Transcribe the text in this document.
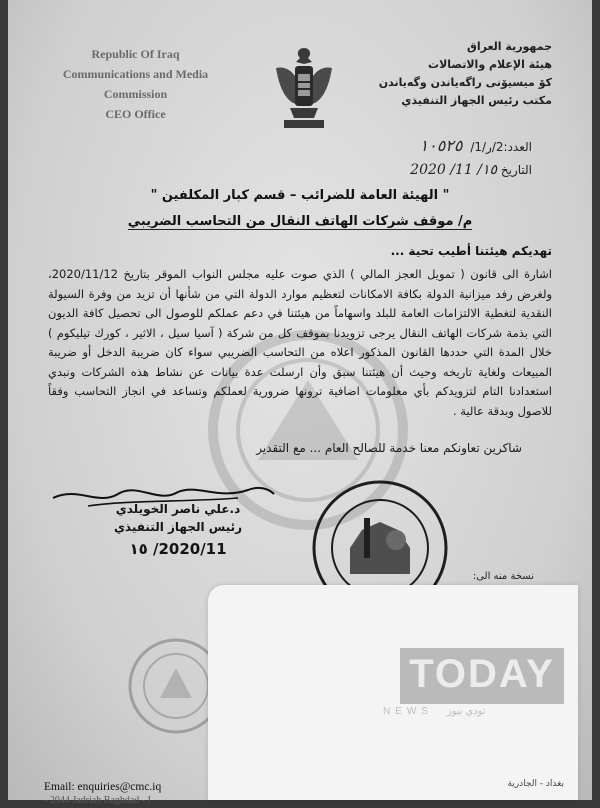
Republic Of Iraq
Communications and Media
Commission
CEO Office
جمهورية العراق
هيئة الإعلام والاتصالات
كۆ میسیۆنی راگەیاندن وگەیاندن
مكتب رئيس الجهاز التنفيذي
العدد:2/ر/1/ ١٠٥٢٥
التاريخ ١٥/ 11/ 2020
" الهيئة العامة للضرائب – قسم كبار المكلفين "
م/ موقف شركات الهاتف النقال من التحاسب الضريبي
تهديكم هيئتنا أطيب تحية ...
اشارة الى قانون ( تمويل العجز المالي ) الذي صوت عليه مجلس النواب الموقر بتاريخ 2020/11/12، ولغرض رفد ميزانية الدولة بكافة الامكانات لتعظيم موارد الدولة التي من شأنها أن تزيد من وفرة السيولة النقدية لتغطية الالتزامات العامة للبلد واسهاماً من هيئتنا في دعم عملكم للوصول الى تحصيل كافة الديون التي بذمة شركات الهاتف النقال يرجى تزويدنا بموقف كل من شركة ( آسيا سيل ، الاثير ، كورك تيليكوم ) خلال المدة التي حددها القانون المذكور اعلاه من التحاسب الضريبي سواء كان ضريبة الدخل أو ضريبة المبيعات ولغاية تاريخه وحيث أن هيئتنا سبق وأن ارسلت عدة بيانات عن نشاط هذه الشركات ونبدي استعدادنا التام لتزويدكم بأي معلومات اضافية ترونها ضرورية لعملكم وتساعد في انجاز التحاسب وفقاً للاصول وبدقة عالية .
شاكرين تعاونكم معنا خدمة للصالح العام ... مع التقدير
د.علي ناصر الخويلدي
رئيس الجهاز التنفيذي
2020/11/ ١٥
نسخة منه الى:
TODAY
NEWS تودي نيوز
Email: enquiries@cmc.iq
- 2044 Jadriah Baghdad - I
بغداد - الجادرية
